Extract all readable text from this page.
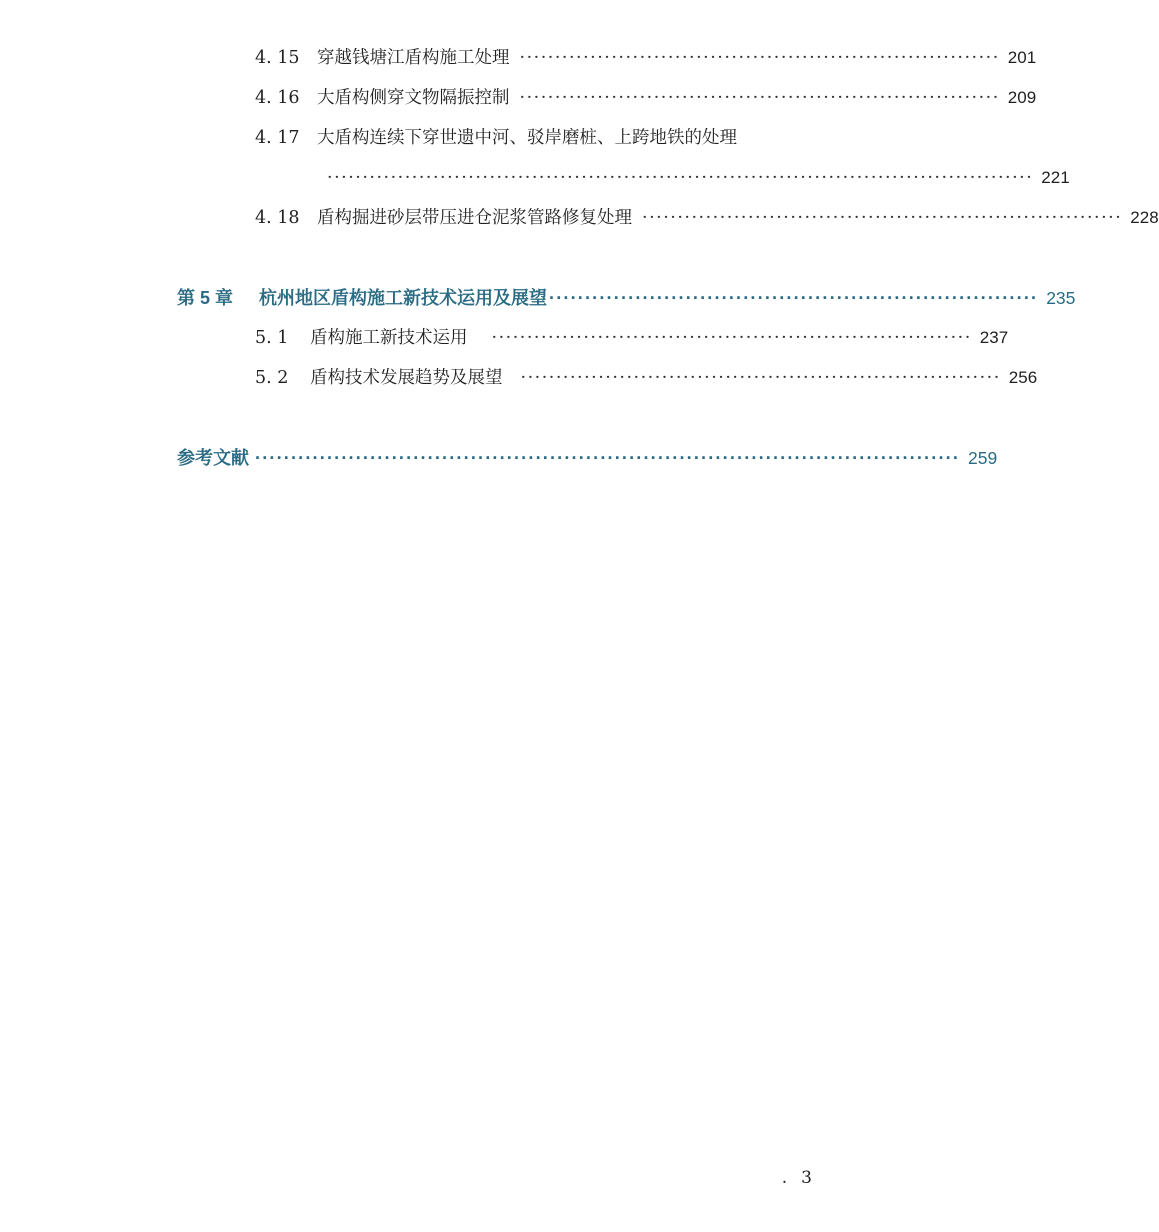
4. 15 穿越钱塘江盾构施工处理 ···································································· 201
4. 16 大盾构侧穿文物隔振控制 ···································································· 209
4. 17 大盾构连续下穿世遗中河、驳岸磨桩、上跨地铁的处理
···································································································· 221
4. 18 盾构掘进砂层带压进仓泥浆管路修复处理 ···································································· 228
第 5 章	杭州地区盾构施工新技术运用及展望 ···································································· 235
5. 1	盾构施工新技术运用 ···································································· 237
5. 2	盾构技术发展趋势及展望 ···································································· 256
参考文献 ·································································································· 259
. 3
